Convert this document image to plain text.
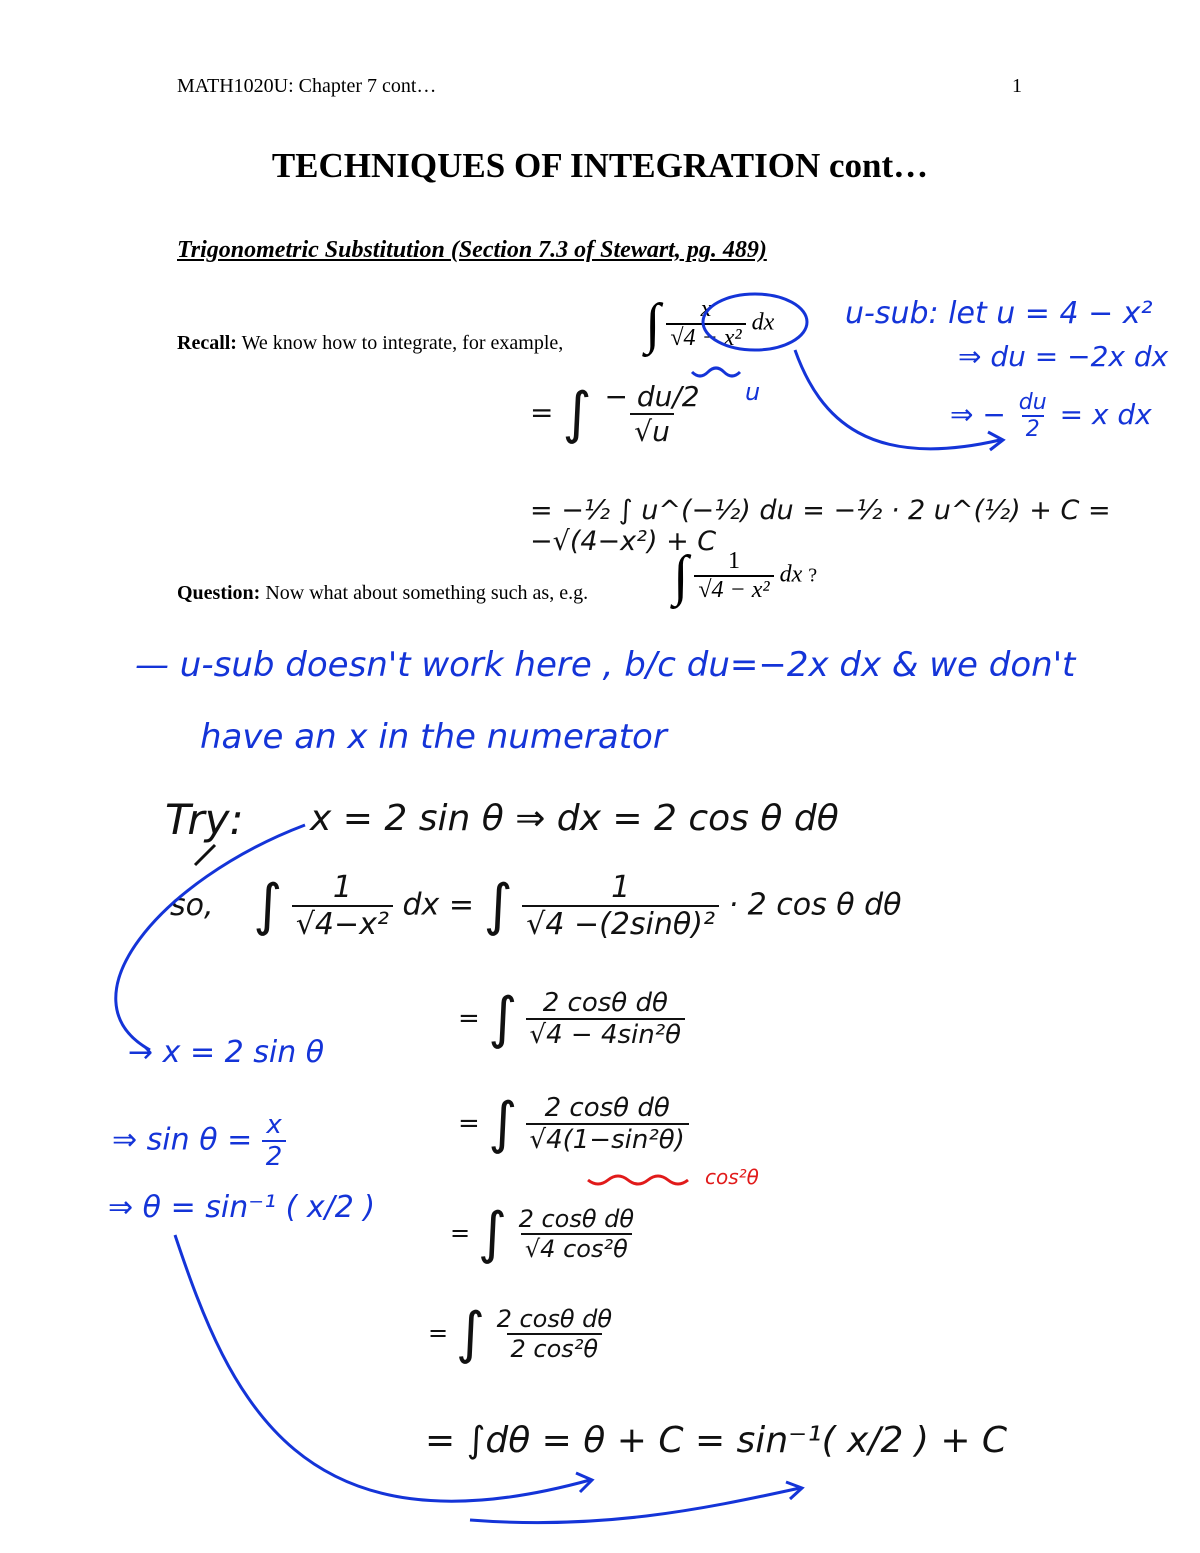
MATH1020U: Chapter 7 cont…	1
TECHNIQUES OF INTEGRATION cont…
Trigonometric Substitution (Section 7.3 of Stewart, pg. 489)
Recall: We know how to integrate, for example, ∫ $\frac{x}{\text{√4 − x²}}$ dx
u
u-sub: let u = 4 − x²
⇒ du = −2x dx
⇒ − $\frac{du}{2} = x$ dx
= ∫ $\frac{- du/2}{√u}$
= −½ ∫ u^(−½) du = −½ · 2 u^(½) + C = −√(4−x²) + C
Question: Now what about something such as, e.g. ∫ $\frac{1}{\text{√4 − x²}}$ dx ?
— u-sub doesn't work here , b/c du=−2x dx & we don't
have an x in the numerator
Try: x = 2 sin θ ⇒ dx = 2 cos θ dθ
so, ∫ $\frac{1}{\text{√4−x²}}$ dx = ∫ $\frac{1}{\text{√4 −(2sinθ)²}} \cdot 2$ cos θ dθ
= ∫ $\frac{\text{2 cosθ dθ}}{\text{√4 − 4sin²θ}}$
= ∫ $\frac{\text{2 cosθ dθ}}{\text{√4(1−sin²θ)}}$
cos²θ
= ∫ $\frac{\text{2 cosθ dθ}}{\text{√4 cos²θ}}$
= ∫ $\frac{\text{2 cosθ dθ}}{\text{2 cos²θ}}$
= ∫dθ = θ + C = sin⁻¹( x/2 ) + C
→ x = 2 sin θ
⇒ $\sin \theta = \frac{x}{2}$
⇒ θ = sin⁻¹ ( x/2 )
